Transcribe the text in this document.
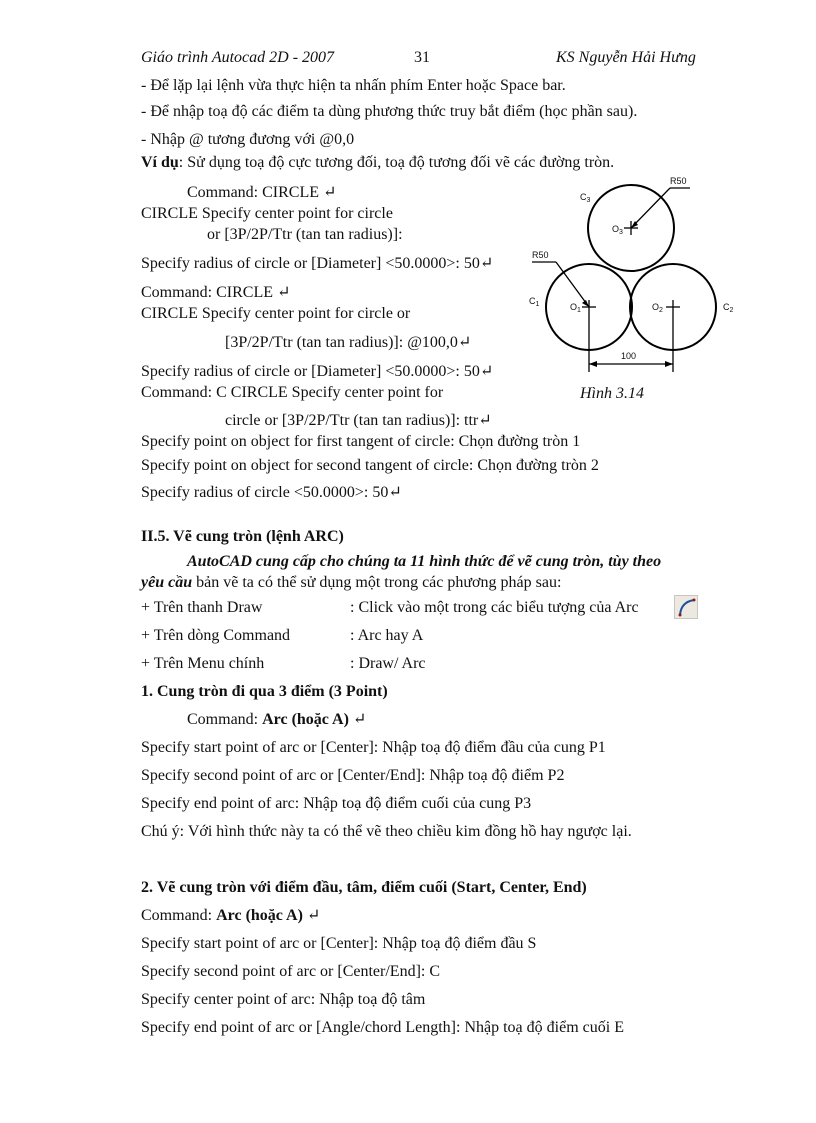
Giáo trình Autocad 2D - 2007	31	KS Nguyễn Hải Hưng
- Để lặp lại lệnh vừa thực hiện ta nhấn phím Enter hoặc Space bar.
- Để nhập toạ độ các điểm ta dùng phương thức truy bắt điểm (học phần sau).
- Nhập @ tương đương với @0,0
Ví dụ: Sử dụng toạ độ cực tương đối, toạ độ tương đối vẽ các đường tròn.
Command: CIRCLE ↵
CIRCLE Specify center point for circle
or [3P/2P/Ttr (tan tan radius)]:
Specify radius of circle or [Diameter] <50.0000>: 50↵
Command: CIRCLE ↵
CIRCLE Specify center point for circle or
[3P/2P/Ttr (tan tan radius)]: @100,0↵
Specify radius of circle or [Diameter] <50.0000>: 50↵
Command: C CIRCLE Specify center point for
circle or [3P/2P/Ttr (tan tan radius)]: ttr↵
Specify point on object for first tangent of circle: Chọn đường tròn 1
Specify point on object for second tangent of circle: Chọn đường tròn 2
Specify radius of circle <50.0000>: 50↵
R50
R50
$C_3$
$O_3$
$C_1$	$O_1$	$O_2$	$C_2$
100
Hình 3.14
II.5. Vẽ cung tròn (lệnh ARC)
AutoCAD cung cấp cho chúng ta 11 hình thức để vẽ cung tròn, tùy theo
yêu cầu bản vẽ ta có thể sử dụng một trong các phương pháp sau:
+ Trên thanh Draw	: Click vào một trong các biểu tượng của Arc
+ Trên dòng Command	: Arc hay A
+ Trên Menu chính	: Draw/ Arc
1. Cung tròn đi qua 3 điểm (3 Point)
Command: Arc (hoặc A) ↵
Specify start point of arc or [Center]: Nhập toạ độ điểm đầu của cung P1
Specify second point of arc or [Center/End]: Nhập toạ độ điểm P2
Specify end point of arc: Nhập toạ độ điểm cuối của cung P3
Chú ý: Với hình thức này ta có thể vẽ theo chiều kim đồng hồ hay ngược lại.
2. Vẽ cung tròn với điểm đầu, tâm, điểm cuối (Start, Center, End)
Command: Arc (hoặc A) ↵
Specify start point of arc or [Center]: Nhập toạ độ điểm đầu S
Specify second point of arc or [Center/End]: C
Specify center point of arc: Nhập toạ độ tâm
Specify end point of arc or [Angle/chord Length]: Nhập toạ độ điểm cuối E
